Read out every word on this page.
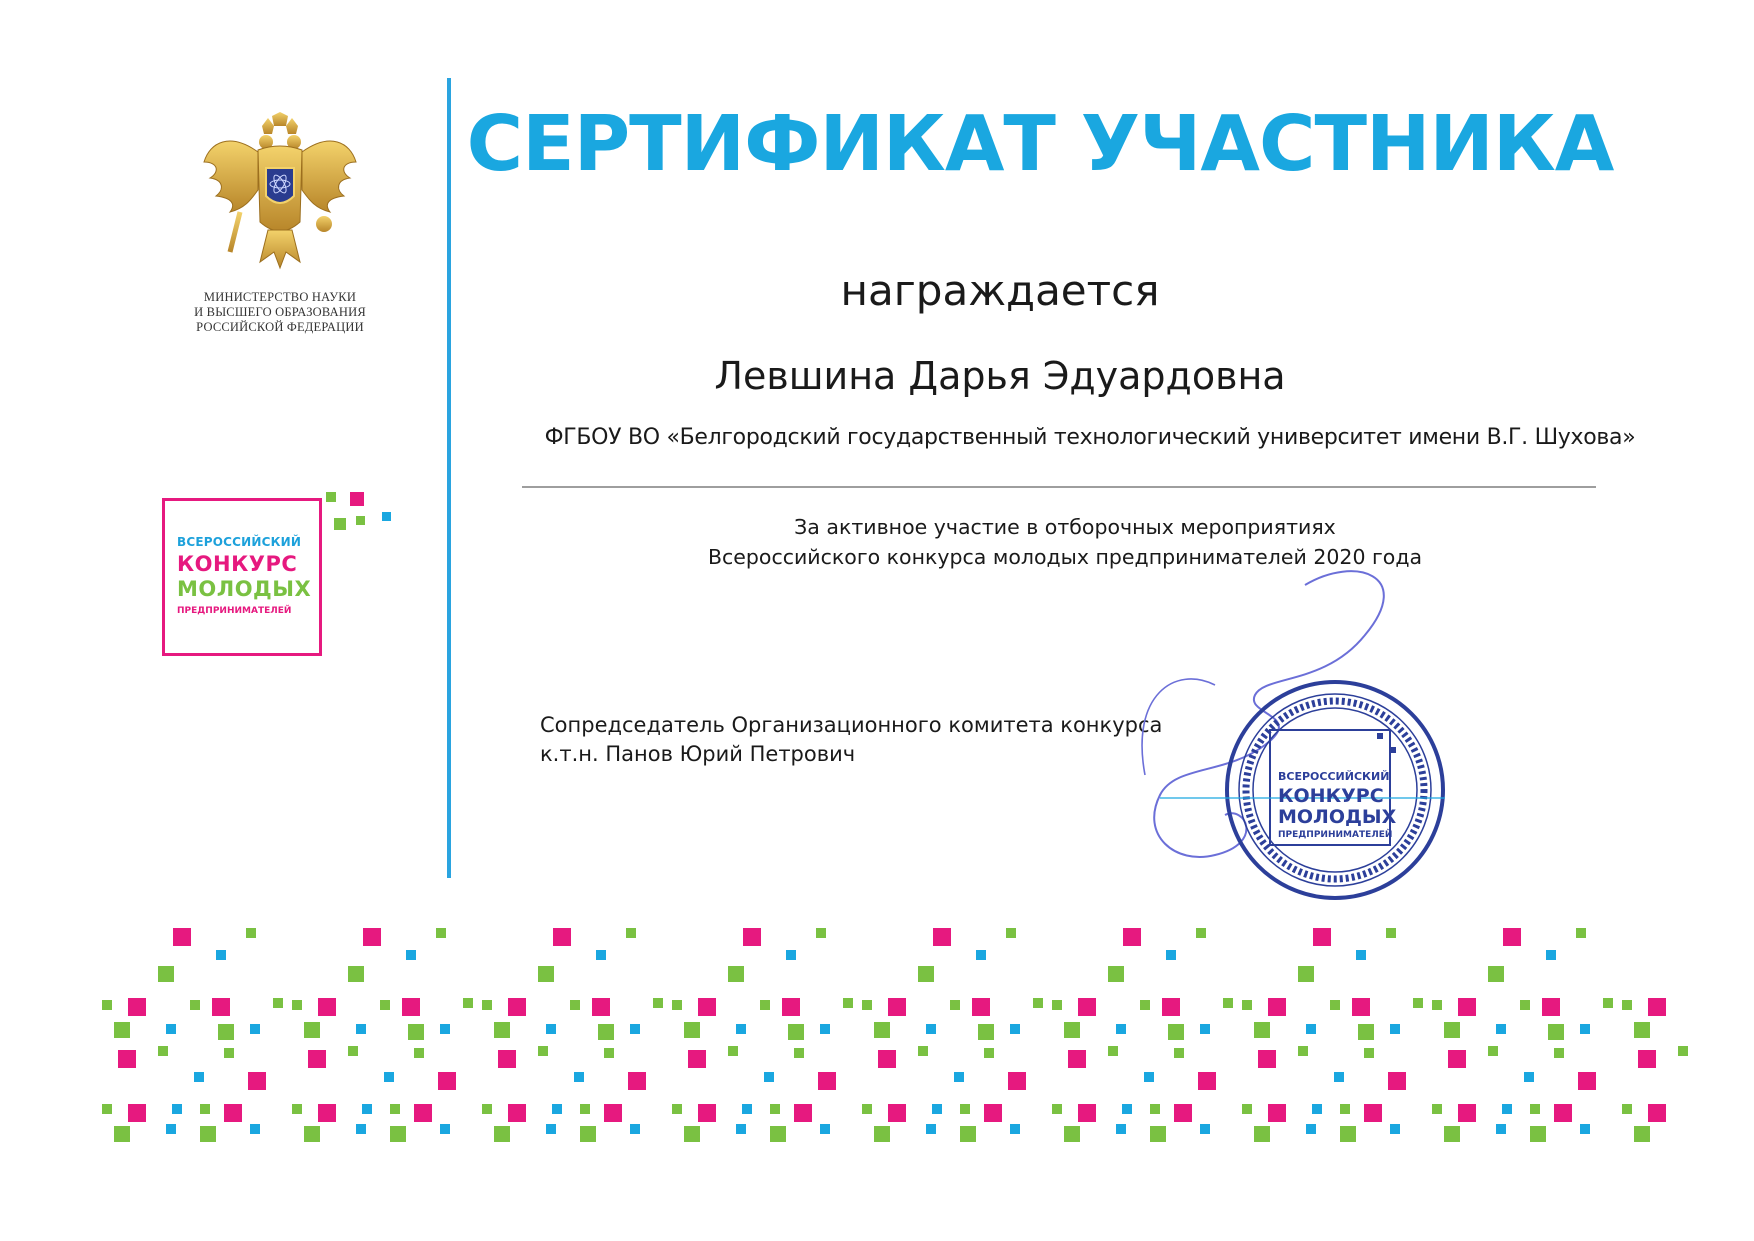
МИНИСТЕРСТВО НАУКИ
И ВЫСШЕГО ОБРАЗОВАНИЯ
РОССИЙСКОЙ ФЕДЕРАЦИИ
ВСЕРОССИЙСКИЙ
КОНКУРС
МОЛОДЫХ
ПРЕДПРИНИМАТЕЛЕЙ
СЕРТИФИКАТ УЧАСТНИКА
награждается
Левшина Дарья Эдуардовна
ФГБОУ ВО «Белгородский государственный технологический университет имени В.Г. Шухова»
За активное участие в отборочных мероприятиях
Всероссийского конкурса молодых предпринимателей 2020 года
Сопредседатель Организационного комитета конкурса
к.т.н. Панов Юрий Петрович
ВСЕРОССИЙСКИЙ
КОНКУРС
МОЛОДЫХ
ПРЕДПРИНИМАТЕЛЕЙ
